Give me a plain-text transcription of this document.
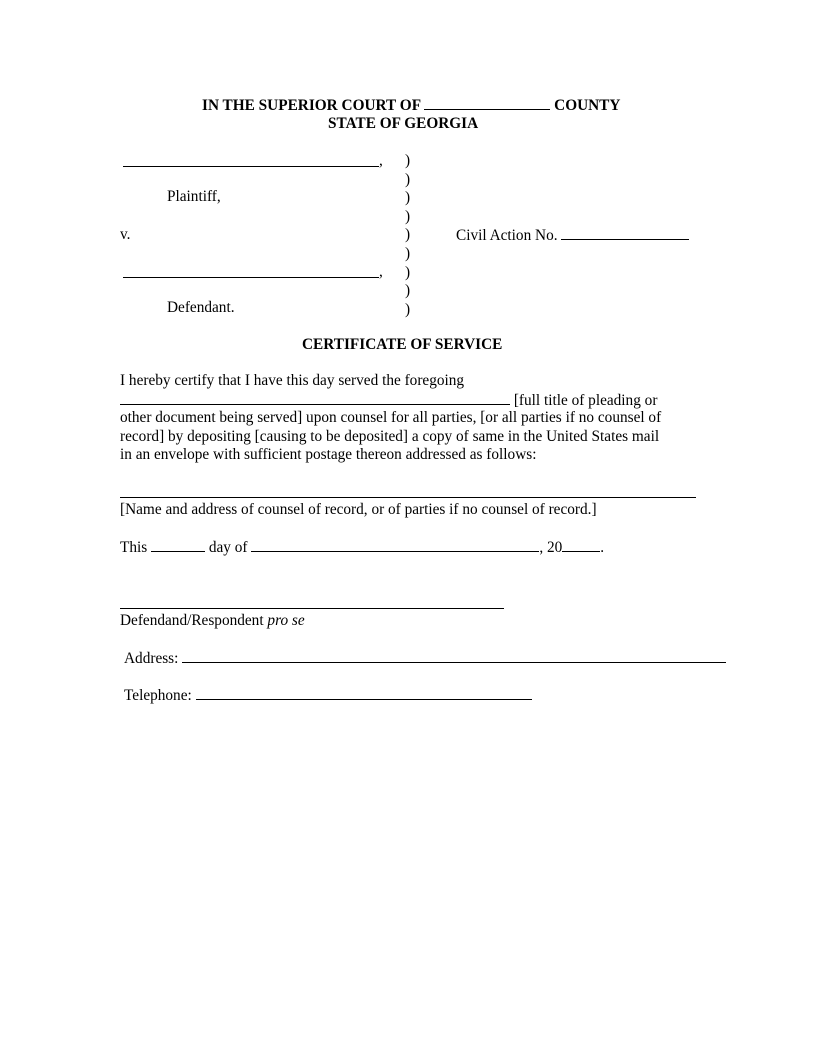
IN THE SUPERIOR COURT OF	COUNTY
STATE OF GEORGIA
,
Plaintiff,
v.
,
Defendant.
)
)
)
)
)
)
)
)
)
Civil Action No.
CERTIFICATE OF SERVICE
I hereby certify that I have this day served the foregoing
[full title of pleading or
other document being served] upon counsel for all parties, [or all parties if no counsel of
record] by depositing [causing to be deposited] a copy of same in the United States mail
in an envelope with sufficient postage thereon addressed as follows:
[Name and address of counsel of record, or of parties if no counsel of record.]
This	day of	, 20 .
Defendand/Respondent pro se
Address:
Telephone:
